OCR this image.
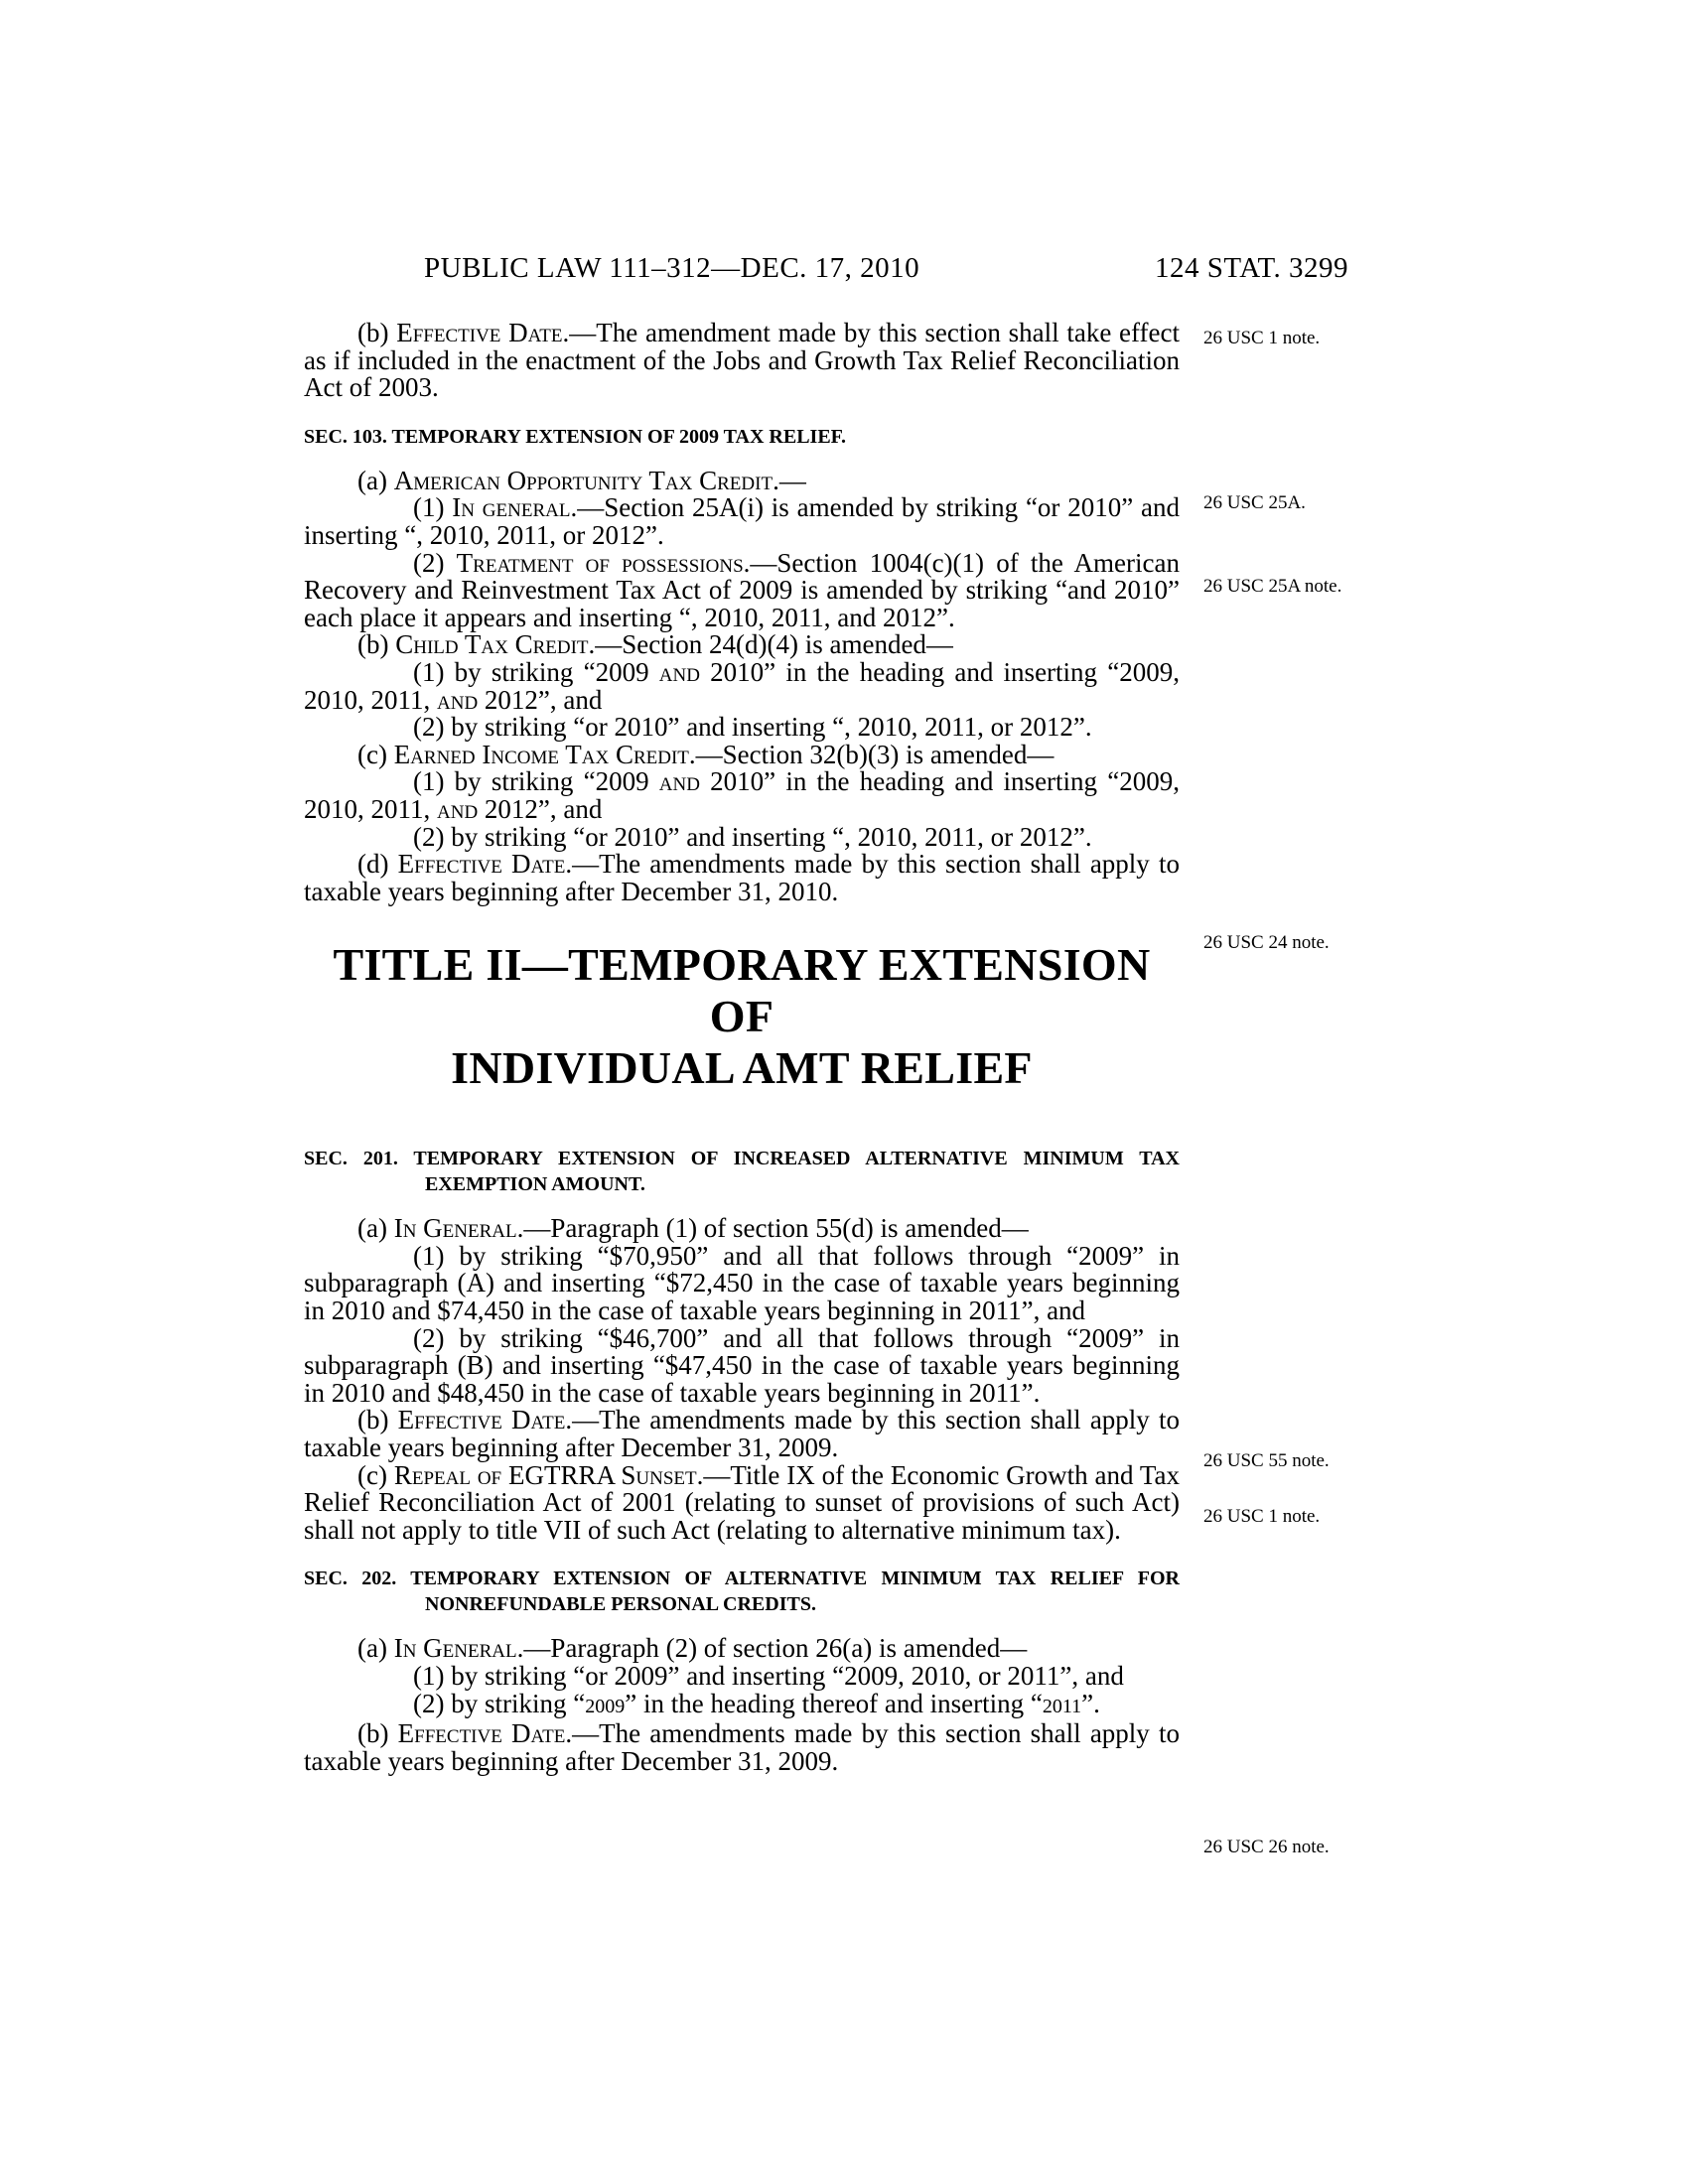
PUBLIC LAW 111–312—DEC. 17, 2010	124 STAT. 3299
26 USC 1 note.
26 USC 25A.
26 USC 25A note.
26 USC 24 note.
26 USC 55 note.
26 USC 1 note.
26 USC 26 note.

(b) Effective Date.—The amendment made by this section shall take effect as if included in the enactment of the Jobs and Growth Tax Relief Reconciliation Act of 2003.

SEC. 103. TEMPORARY EXTENSION OF 2009 TAX RELIEF.

(a) American Opportunity Tax Credit.—

(1) In general.—Section 25A(i) is amended by striking “or 2010” and inserting “, 2010, 2011, or 2012”.

(2) Treatment of possessions.—Section 1004(c)(1) of the American Recovery and Reinvestment Tax Act of 2009 is amended by striking “and 2010” each place it appears and inserting “, 2010, 2011, and 2012”.

(b) Child Tax Credit.—Section 24(d)(4) is amended—

(1) by striking “2009 and 2010” in the heading and inserting “2009, 2010, 2011, and 2012”, and

(2) by striking “or 2010” and inserting “, 2010, 2011, or 2012”.

(c) Earned Income Tax Credit.—Section 32(b)(3) is amended—

(1) by striking “2009 and 2010” in the heading and inserting “2009, 2010, 2011, and 2012”, and

(2) by striking “or 2010” and inserting “, 2010, 2011, or 2012”.

(d) Effective Date.—The amendments made by this section shall apply to taxable years beginning after December 31, 2010.

TITLE II—TEMPORARY EXTENSION OF
INDIVIDUAL AMT RELIEF
SEC. 201. TEMPORARY EXTENSION OF INCREASED ALTERNATIVE MINIMUM TAX EXEMPTION AMOUNT.

(a) In General.—Paragraph (1) of section 55(d) is amended—

(1) by striking “$70,950” and all that follows through “2009” in subparagraph (A) and inserting “$72,450 in the case of taxable years beginning in 2010 and $74,450 in the case of taxable years beginning in 2011”, and

(2) by striking “$46,700” and all that follows through “2009” in subparagraph (B) and inserting “$47,450 in the case of taxable years beginning in 2010 and $48,450 in the case of taxable years beginning in 2011”.

(b) Effective Date.—The amendments made by this section shall apply to taxable years beginning after December 31, 2009.

(c) Repeal of EGTRRA Sunset.—Title IX of the Economic Growth and Tax Relief Reconciliation Act of 2001 (relating to sunset of provisions of such Act) shall not apply to title VII of such Act (relating to alternative minimum tax).

SEC. 202. TEMPORARY EXTENSION OF ALTERNATIVE MINIMUM TAX RELIEF FOR NONREFUNDABLE PERSONAL CREDITS.

(a) In General.—Paragraph (2) of section 26(a) is amended—

(1) by striking “or 2009” and inserting “2009, 2010, or 2011”, and

(2) by striking “2009” in the heading thereof and inserting “2011”.

(b) Effective Date.—The amendments made by this section shall apply to taxable years beginning after December 31, 2009.
